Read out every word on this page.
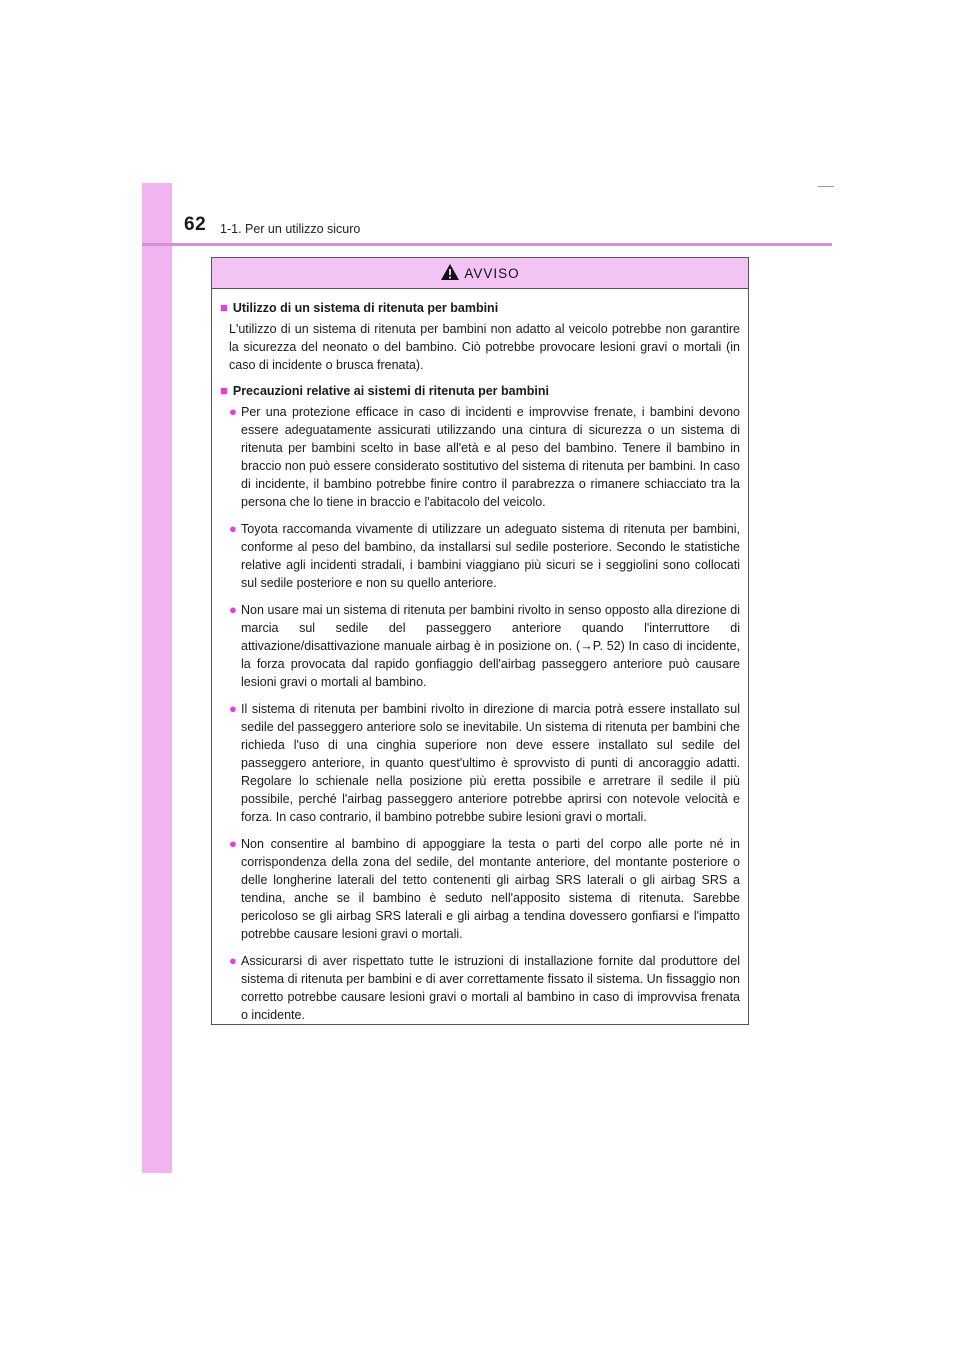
62 1-1. Per un utilizzo sicuro
AVVISO
■ Utilizzo di un sistema di ritenuta per bambini
L'utilizzo di un sistema di ritenuta per bambini non adatto al veicolo potrebbe non garantire la sicurezza del neonato o del bambino. Ciò potrebbe provocare lesioni gravi o mortali (in caso di incidente o brusca frenata).
■ Precauzioni relative ai sistemi di ritenuta per bambini
● Per una protezione efficace in caso di incidenti e improvvise frenate, i bambini devono essere adeguatamente assicurati utilizzando una cintura di sicurezza o un sistema di ritenuta per bambini scelto in base all'età e al peso del bambino. Tenere il bambino in braccio non può essere considerato sostitutivo del sistema di ritenuta per bambini. In caso di incidente, il bambino potrebbe finire contro il parabrezza o rimanere schiacciato tra la persona che lo tiene in braccio e l'abitacolo del veicolo.
● Toyota raccomanda vivamente di utilizzare un adeguato sistema di ritenuta per bambini, conforme al peso del bambino, da installarsi sul sedile posteriore. Secondo le statistiche relative agli incidenti stradali, i bambini viaggiano più sicuri se i seggiolini sono collocati sul sedile posteriore e non su quello anteriore.
● Non usare mai un sistema di ritenuta per bambini rivolto in senso opposto alla direzione di marcia sul sedile del passeggero anteriore quando l'interruttore di attivazione/disattivazione manuale airbag è in posizione on. (→P. 52) In caso di incidente, la forza provocata dal rapido gonfiaggio dell'airbag passeggero anteriore può causare lesioni gravi o mortali al bambino.
● Il sistema di ritenuta per bambini rivolto in direzione di marcia potrà essere installato sul sedile del passeggero anteriore solo se inevitabile. Un sistema di ritenuta per bambini che richieda l'uso di una cinghia superiore non deve essere installato sul sedile del passeggero anteriore, in quanto quest'ultimo è sprovvisto di punti di ancoraggio adatti. Regolare lo schienale nella posizione più eretta possibile e arretrare il sedile il più possibile, perché l'airbag passeggero anteriore potrebbe aprirsi con notevole velocità e forza. In caso contrario, il bambino potrebbe subire lesioni gravi o mortali.
● Non consentire al bambino di appoggiare la testa o parti del corpo alle porte né in corrispondenza della zona del sedile, del montante anteriore, del montante posteriore o delle longherine laterali del tetto contenenti gli airbag SRS laterali o gli airbag SRS a tendina, anche se il bambino è seduto nell'apposito sistema di ritenuta. Sarebbe pericoloso se gli airbag SRS laterali e gli airbag a tendina dovessero gonfiarsi e l'impatto potrebbe causare lesioni gravi o mortali.
● Assicurarsi di aver rispettato tutte le istruzioni di installazione fornite dal produttore del sistema di ritenuta per bambini e di aver correttamente fissato il sistema. Un fissaggio non corretto potrebbe causare lesioni gravi o mortali al bambino in caso di improvvisa frenata o incidente.
